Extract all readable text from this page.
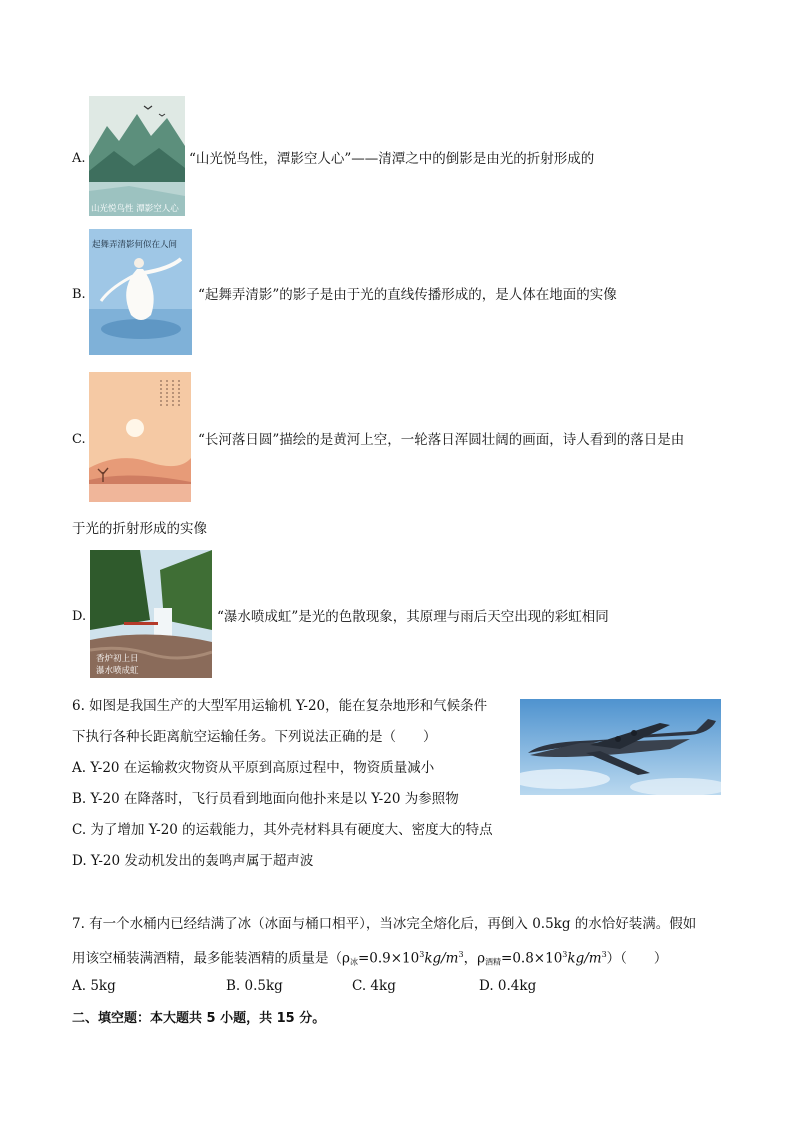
A.
山光悦鸟性 潭影空人心
“山光悦鸟性，潭影空人心”——清潭之中的倒影是由光的折射形成的
B.
起舞弄清影何似在人间
“起舞弄清影”的影子是由于光的直线传播形成的，是人体在地面的实像
C.	“长河落日圆”描绘的是黄河上空，一轮落日浑圆壮阔的画面，诗人看到的落日是由
于光的折射形成的实像
D.
香炉初上日
瀑水喷成虹
“瀑水喷成虹”是光的色散现象，其原理与雨后天空出现的彩虹相同
6. 如图是我国生产的大型军用运输机 Y-20，能在复杂地形和气候条件
下执行各种长距离航空运输任务。下列说法正确的是（　　）
A. Y-20 在运输救灾物资从平原到高原过程中，物资质量减小
B. Y-20 在降落时，飞行员看到地面向他扑来是以 Y-20 为参照物
C. 为了增加 Y-20 的运载能力，其外壳材料具有硬度大、密度大的特点
D. Y-20 发动机发出的轰鸣声属于超声波
7. 有一个水桶内已经结满了冰（冰面与桶口相平），当冰完全熔化后，再倒入 0.5kg 的水恰好装满。假如
用该空桶装满酒精，最多能装酒精的质量是（$\rho_冰=0.9\times 10^3kg/m^3$，$\rho_{酒精}=0.8\times 10^3kg/m^3$）（　　）
A. 5kg	B. 0.5kg	C. 4kg	D. 0.4kg
二、填空题：本大题共 5 小题，共 15 分。
